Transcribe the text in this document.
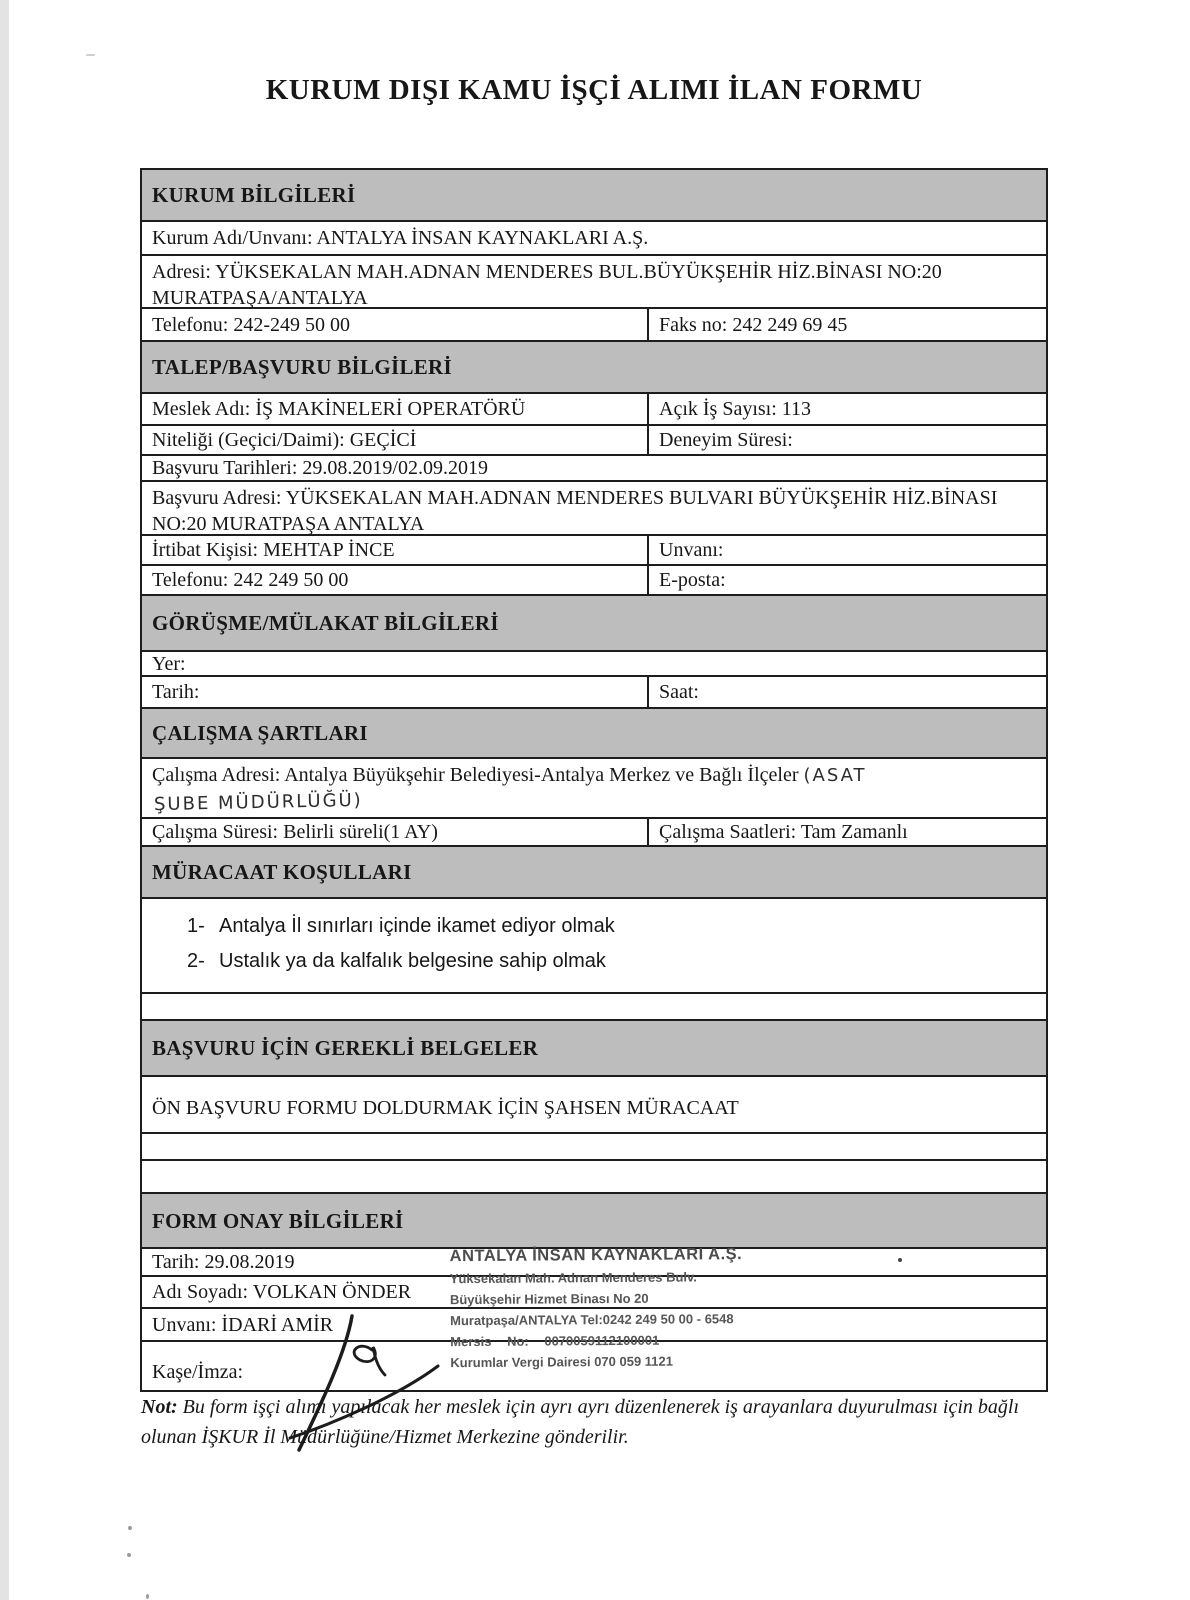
KURUM DIŞI KAMU İŞÇİ ALIMI İLAN FORMU
KURUM BİLGİLERİ
Kurum Adı/Unvanı: ANTALYA İNSAN KAYNAKLARI A.Ş.
Adresi: YÜKSEKALAN MAH.ADNAN MENDERES BUL.BÜYÜKŞEHİR HİZ.BİNASI NO:20 MURATPAŞA/ANTALYA
Telefonu: 242-249 50 00	Faks no: 242 249 69 45
TALEP/BAŞVURU BİLGİLERİ
Meslek Adı: İŞ MAKİNELERİ OPERATÖRÜ	Açık İş Sayısı: 113
Niteliği (Geçici/Daimi): GEÇİCİ	Deneyim Süresi:
Başvuru Tarihleri: 29.08.2019/02.09.2019
Başvuru Adresi: YÜKSEKALAN MAH.ADNAN MENDERES BULVARI BÜYÜKŞEHİR HİZ.BİNASI NO:20 MURATPAŞA ANTALYA
İrtibat Kişisi: MEHTAP İNCE	Unvanı:
Telefonu: 242 249 50 00	E-posta:
GÖRÜŞME/MÜLAKAT BİLGİLERİ
Yer:
Tarih:	Saat:
ÇALIŞMA ŞARTLARI
Çalışma Adresi: Antalya Büyükşehir Belediyesi-Antalya Merkez ve Bağlı İlçeler (ASAT
ŞUBE MÜDÜRLÜĞÜ)
Çalışma Süresi: Belirli süreli(1 AY)	Çalışma Saatleri: Tam Zamanlı
MÜRACAAT KOŞULLARI
1- Antalya İl sınırları içinde ikamet ediyor olmak
2- Ustalık ya da kalfalık belgesine sahip olmak
BAŞVURU İÇİN GEREKLİ BELGELER
ÖN BAŞVURU FORMU DOLDURMAK İÇİN ŞAHSEN MÜRACAAT
FORM ONAY BİLGİLERİ
Tarih: 29.08.2019
Adı Soyadı: VOLKAN ÖNDER
Unvanı: İDARİ AMİR
Kaşe/İmza:
ANTALYA İNSAN KAYNAKLARI A.Ş.
Yüksekalan Mah. Adnan Menderes Bulv.
Büyükşehir Hizmet Binası No 20
Muratpaşa/ANTALYA Tel:0242 249 50 00 - 6548
Mersis No: 0070059112100001
Kurumlar Vergi Dairesi 070 059 1121

Not: Bu form işçi alımı yapılacak her meslek için ayrı ayrı düzenlenerek iş arayanlara duyurulması için bağlı olunan İŞKUR İl Müdürlüğüne/Hizmet Merkezine gönderilir.
